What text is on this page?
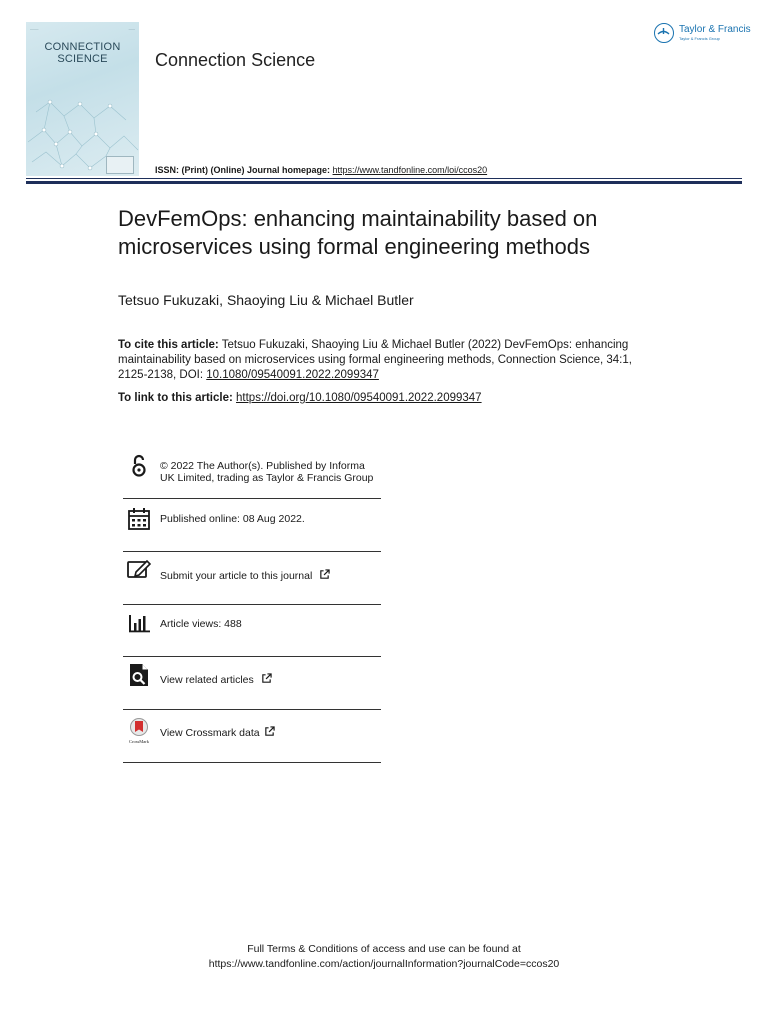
────	───
CONNECTION
SCIENCE	Connection Science
Taylor & Francis
Taylor & Francis Group
ISSN: (Print) (Online) Journal homepage: https://www.tandfonline.com/loi/ccos20
DevFemOps: enhancing maintainability based on microservices using formal engineering methods
Tetsuo Fukuzaki, Shaoying Liu & Michael Butler
To cite this article: Tetsuo Fukuzaki, Shaoying Liu & Michael Butler (2022) DevFemOps: enhancing maintainability based on microservices using formal engineering methods, Connection Science, 34:1, 2125-2138, DOI: 10.1080/09540091.2022.2099347
To link to this article: https://doi.org/10.1080/09540091.2022.2099347
© 2022 The Author(s). Published by Informa UK Limited, trading as Taylor & Francis Group
Published online: 08 Aug 2022.
Submit your article to this journal
Article views: 488
View related articles
CrossMark
View Crossmark data
Full Terms & Conditions of access and use can be found at
https://www.tandfonline.com/action/journalInformation?journalCode=ccos20
